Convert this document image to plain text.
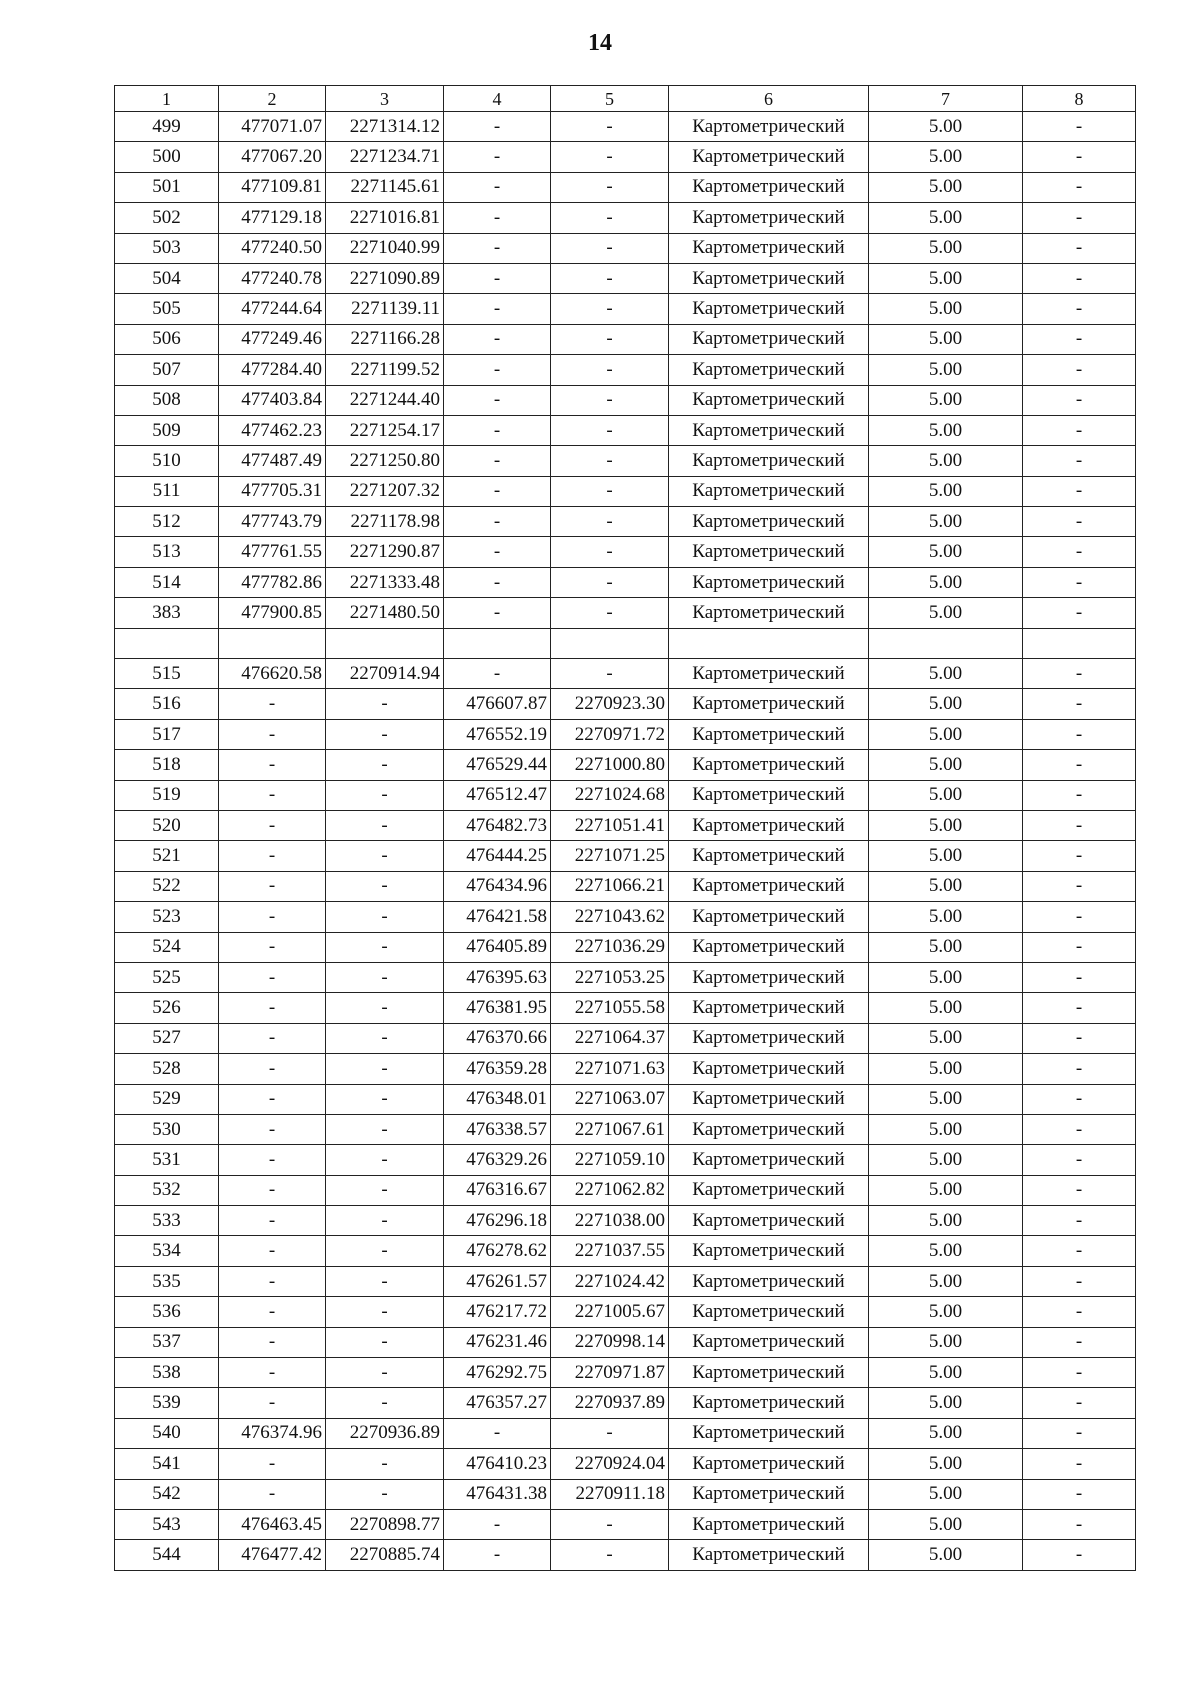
14
1	2	3	4	5	6	7	8
499	477071.07	2271314.12	-	-	Картометрический	5.00	-
500	477067.20	2271234.71	-	-	Картометрический	5.00	-
501	477109.81	2271145.61	-	-	Картометрический	5.00	-
502	477129.18	2271016.81	-	-	Картометрический	5.00	-
503	477240.50	2271040.99	-	-	Картометрический	5.00	-
504	477240.78	2271090.89	-	-	Картометрический	5.00	-
505	477244.64	2271139.11	-	-	Картометрический	5.00	-
506	477249.46	2271166.28	-	-	Картометрический	5.00	-
507	477284.40	2271199.52	-	-	Картометрический	5.00	-
508	477403.84	2271244.40	-	-	Картометрический	5.00	-
509	477462.23	2271254.17	-	-	Картометрический	5.00	-
510	477487.49	2271250.80	-	-	Картометрический	5.00	-
511	477705.31	2271207.32	-	-	Картометрический	5.00	-
512	477743.79	2271178.98	-	-	Картометрический	5.00	-
513	477761.55	2271290.87	-	-	Картометрический	5.00	-
514	477782.86	2271333.48	-	-	Картометрический	5.00	-
383	477900.85	2271480.50	-	-	Картометрический	5.00	-

515	476620.58	2270914.94	-	-	Картометрический	5.00	-
516	-	-	476607.87	2270923.30	Картометрический	5.00	-
517	-	-	476552.19	2270971.72	Картометрический	5.00	-
518	-	-	476529.44	2271000.80	Картометрический	5.00	-
519	-	-	476512.47	2271024.68	Картометрический	5.00	-
520	-	-	476482.73	2271051.41	Картометрический	5.00	-
521	-	-	476444.25	2271071.25	Картометрический	5.00	-
522	-	-	476434.96	2271066.21	Картометрический	5.00	-
523	-	-	476421.58	2271043.62	Картометрический	5.00	-
524	-	-	476405.89	2271036.29	Картометрический	5.00	-
525	-	-	476395.63	2271053.25	Картометрический	5.00	-
526	-	-	476381.95	2271055.58	Картометрический	5.00	-
527	-	-	476370.66	2271064.37	Картометрический	5.00	-
528	-	-	476359.28	2271071.63	Картометрический	5.00	-
529	-	-	476348.01	2271063.07	Картометрический	5.00	-
530	-	-	476338.57	2271067.61	Картометрический	5.00	-
531	-	-	476329.26	2271059.10	Картометрический	5.00	-
532	-	-	476316.67	2271062.82	Картометрический	5.00	-
533	-	-	476296.18	2271038.00	Картометрический	5.00	-
534	-	-	476278.62	2271037.55	Картометрический	5.00	-
535	-	-	476261.57	2271024.42	Картометрический	5.00	-
536	-	-	476217.72	2271005.67	Картометрический	5.00	-
537	-	-	476231.46	2270998.14	Картометрический	5.00	-
538	-	-	476292.75	2270971.87	Картометрический	5.00	-
539	-	-	476357.27	2270937.89	Картометрический	5.00	-
540	476374.96	2270936.89	-	-	Картометрический	5.00	-
541	-	-	476410.23	2270924.04	Картометрический	5.00	-
542	-	-	476431.38	2270911.18	Картометрический	5.00	-
543	476463.45	2270898.77	-	-	Картометрический	5.00	-
544	476477.42	2270885.74	-	-	Картометрический	5.00	-
